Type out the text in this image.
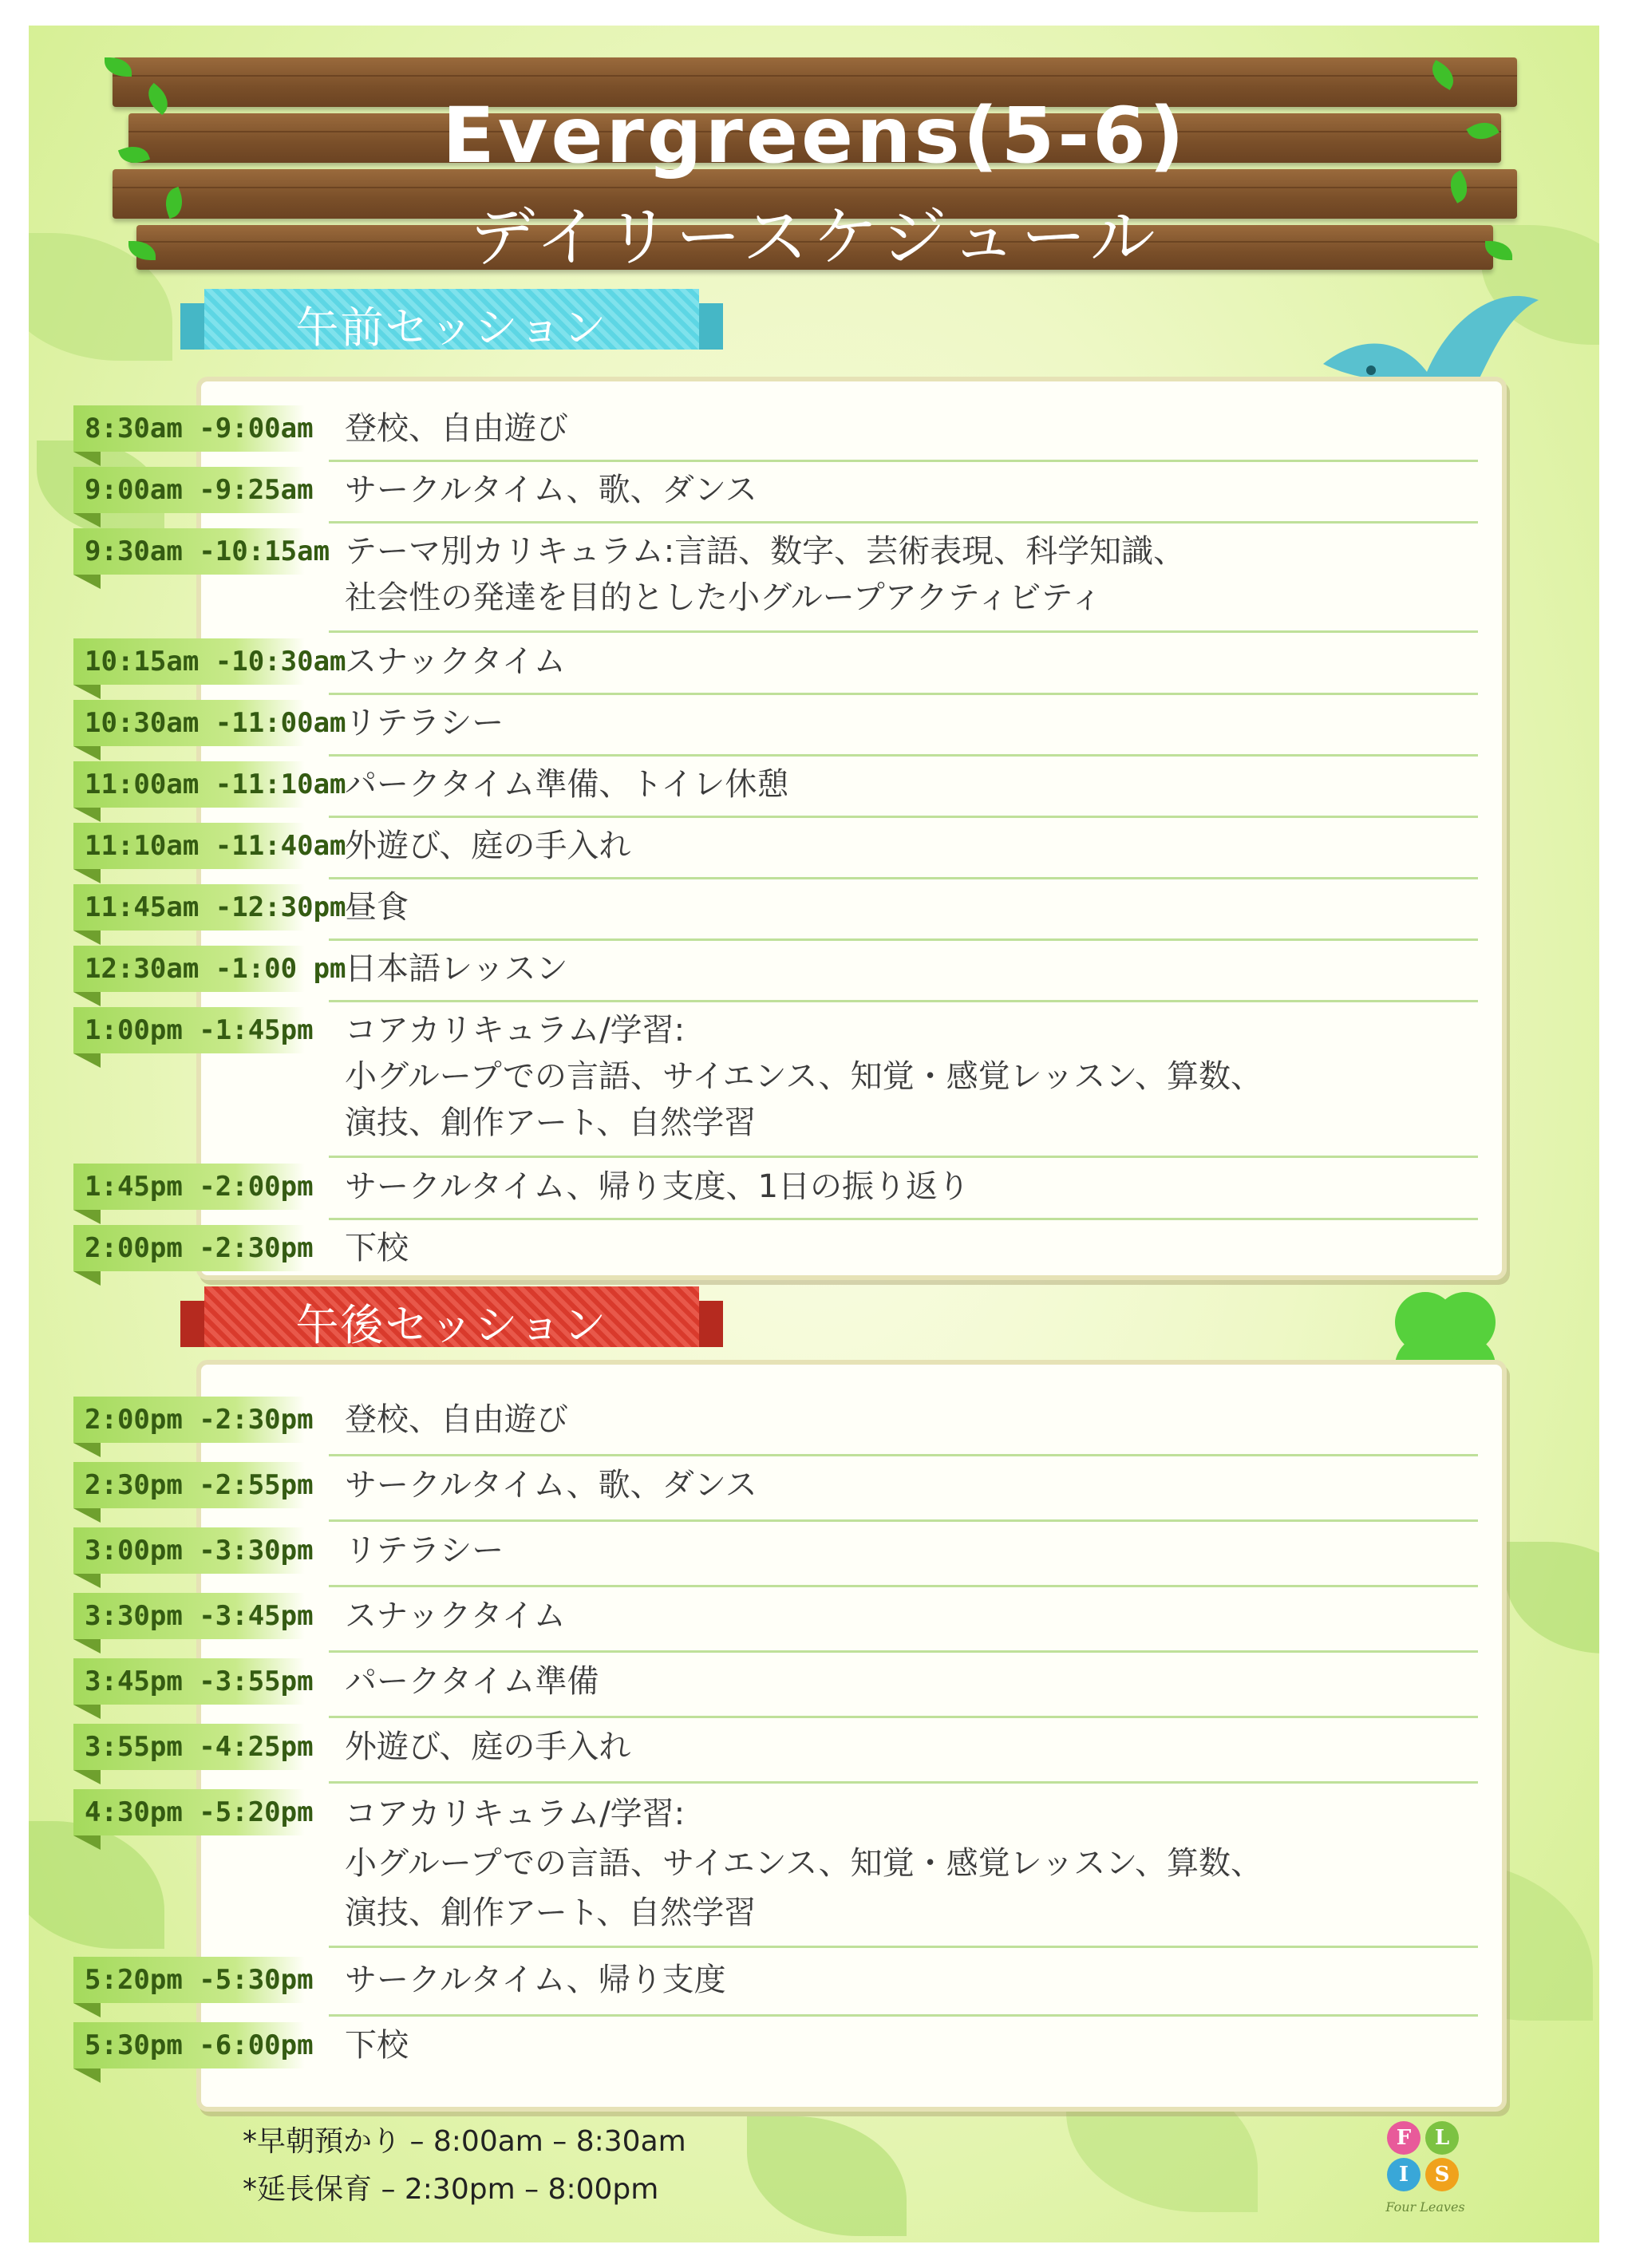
Evergreens(5-6)
デイリースケジュール
午前セッション
8:30am -9:00am 登校、自由遊び
9:00am -9:25am サークルタイム、歌、ダンス
9:30am -10:15am テーマ別カリキュラム:言語、数字、芸術表現、科学知識、
社会性の発達を目的とした小グループアクティビティ
10:15am -10:30am
スナックタイム
10:30am -11:00am
リテラシー
11:00am -11:10am
パークタイム準備、トイレ休憩
11:10am -11:40am
外遊び、庭の手入れ
11:45am -12:30pm
昼食
12:30am -1:00 pm
日本語レッスン
1:00pm -1:45pm コアカリキュラム/学習:
小グループでの言語、サイエンス、知覚・感覚レッスン、算数、
演技、創作アート、自然学習
1:45pm -2:00pm サークルタイム、帰り支度、1日の振り返り
2:00pm -2:30pm 下校
午後セッション
2:00pm -2:30pm 登校、自由遊び
2:30pm -2:55pm サークルタイム、歌、ダンス
3:00pm -3:30pm リテラシー
3:30pm -3:45pm スナックタイム
3:45pm -3:55pm パークタイム準備
3:55pm -4:25pm 外遊び、庭の手入れ
4:30pm -5:20pm コアカリキュラム/学習:
小グループでの言語、サイエンス、知覚・感覚レッスン、算数、
演技、創作アート、自然学習
5:20pm -5:30pm サークルタイム、帰り支度
5:30pm -6:00pm 下校
*早朝預かり – 8:00am – 8:30am
*延長保育 – 2:30pm – 8:00pm
F	L
I	S
Four Leaves
